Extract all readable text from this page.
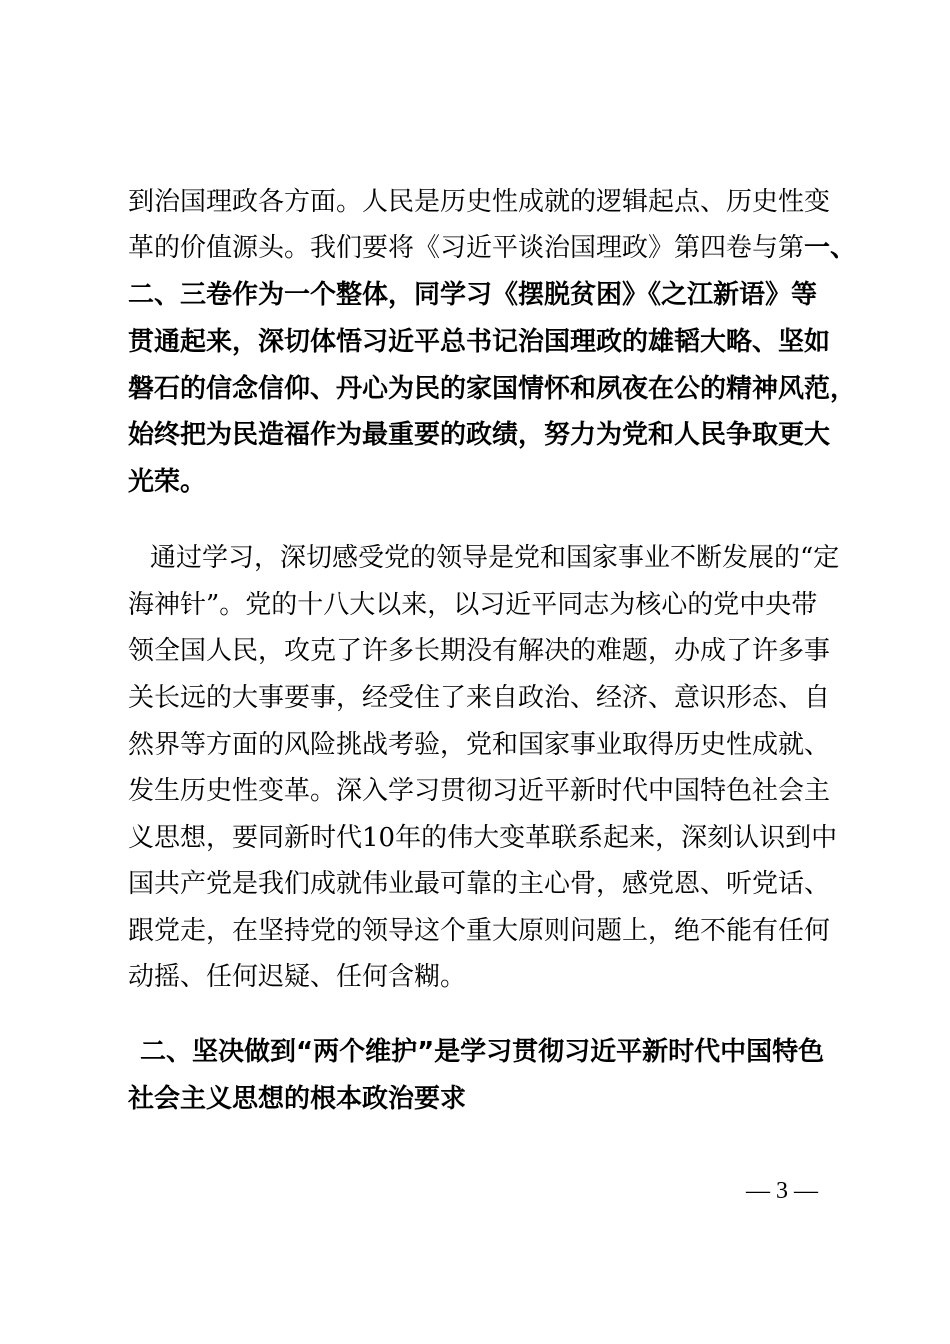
到治国理政各方面。人民是历史性成就的逻辑起点、历史性变
革的价值源头。我们要将《习近平谈治国理政》第四卷与第一、
二、三卷作为一个整体，同学习《摆脱贫困》《之江新语》等
贯通起来，深切体悟习近平总书记治国理政的雄韬大略、坚如
磐石的信念信仰、丹心为民的家国情怀和夙夜在公的精神风范，
始终把为民造福作为最重要的政绩，努力为党和人民争取更大
光荣。
通过学习，深切感受党的领导是党和国家事业不断发展的“定
海神针”。党的十八大以来，以习近平同志为核心的党中央带
领全国人民，攻克了许多长期没有解决的难题，办成了许多事
关长远的大事要事，经受住了来自政治、经济、意识形态、自
然界等方面的风险挑战考验，党和国家事业取得历史性成就、
发生历史性变革。深入学习贯彻习近平新时代中国特色社会主
义思想，要同新时代10年的伟大变革联系起来，深刻认识到中
国共产党是我们成就伟业最可靠的主心骨，感党恩、听党话、
跟党走，在坚持党的领导这个重大原则问题上，绝不能有任何
动摇、任何迟疑、任何含糊。
二、坚决做到“两个维护”是学习贯彻习近平新时代中国特色
社会主义思想的根本政治要求
— 3 —
